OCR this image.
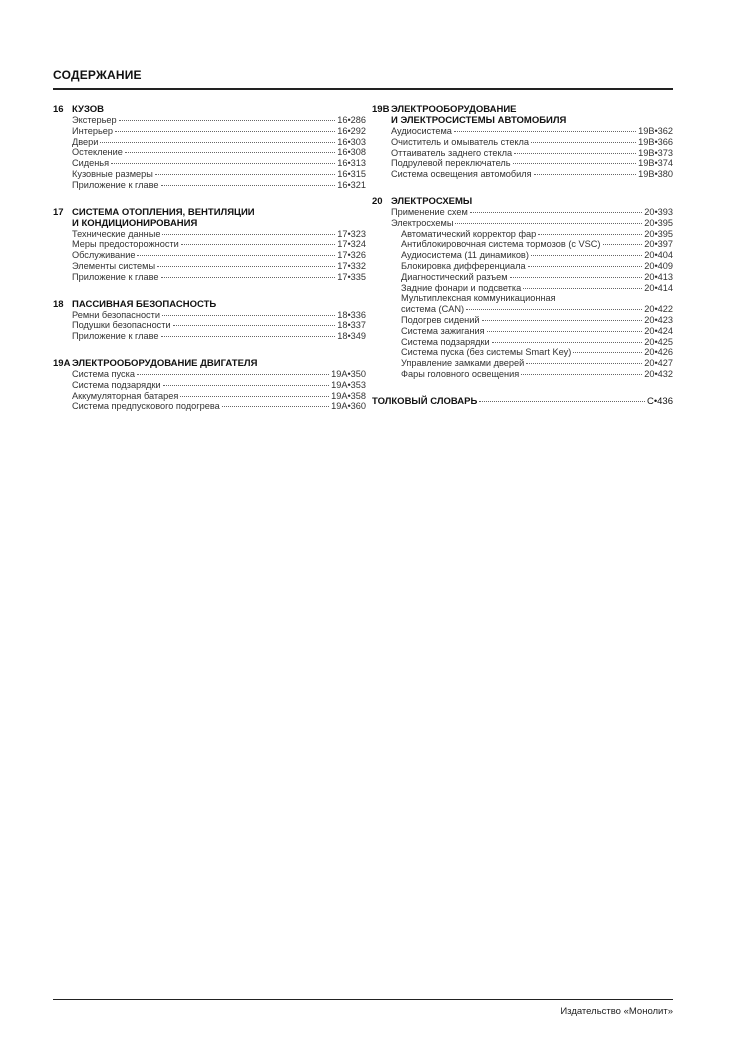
СОДЕРЖАНИЕ
16 КУЗОВ
Экстерьер	16•286
Интерьер	16•292
Двери	16•303
Остекление	16•308
Сиденья	16•313
Кузовные размеры	16•315
Приложение к главе	16•321
17 СИСТЕМА ОТОПЛЕНИЯ, ВЕНТИЛЯЦИИ
И КОНДИЦИОНИРОВАНИЯ
Технические данные	17•323
Меры предосторожности	17•324
Обслуживание	17•326
Элементы системы	17•332
Приложение к главе	17•335
18 ПАССИВНАЯ БЕЗОПАСНОСТЬ
Ремни безопасности	18•336
Подушки безопасности	18•337
Приложение к главе	18•349
19A ЭЛЕКТРООБОРУДОВАНИЕ ДВИГАТЕЛЯ
Система пуска	19A•350
Система подзарядки	19A•353
Аккумуляторная батарея	19A•358
Система предпускового подогрева	19A•360
19B ЭЛЕКТРООБОРУДОВАНИЕ
И ЭЛЕКТРОСИСТЕМЫ АВТОМОБИЛЯ
Аудиосистема	19B•362
Очиститель и омыватель стекла	19B•366
Оттаиватель заднего стекла	19B•373
Подрулевой переключатель	19B•374
Система освещения автомобиля	19B•380
20 ЭЛЕКТРОСХЕМЫ
Применение схем	20•393
Электросхемы	20•395
Автоматический корректор фар	20•395
Антиблокировочная система тормозов (с VSC)	20•397
Аудиосистема (11 динамиков)	20•404
Блокировка дифференциала	20•409
Диагностический разъем	20•413
Задние фонари и подсветка	20•414
Мультиплексная коммуникационная
система (CAN)	20•422
Подогрев сидений	20•423
Система зажигания	20•424
Система подзарядки	20•425
Система пуска (без системы Smart Key)	20•426
Управление замками дверей	20•427
Фары головного освещения	20•432
ТОЛКОВЫЙ СЛОВАРЬ	С•436
Издательство «Монолит»
